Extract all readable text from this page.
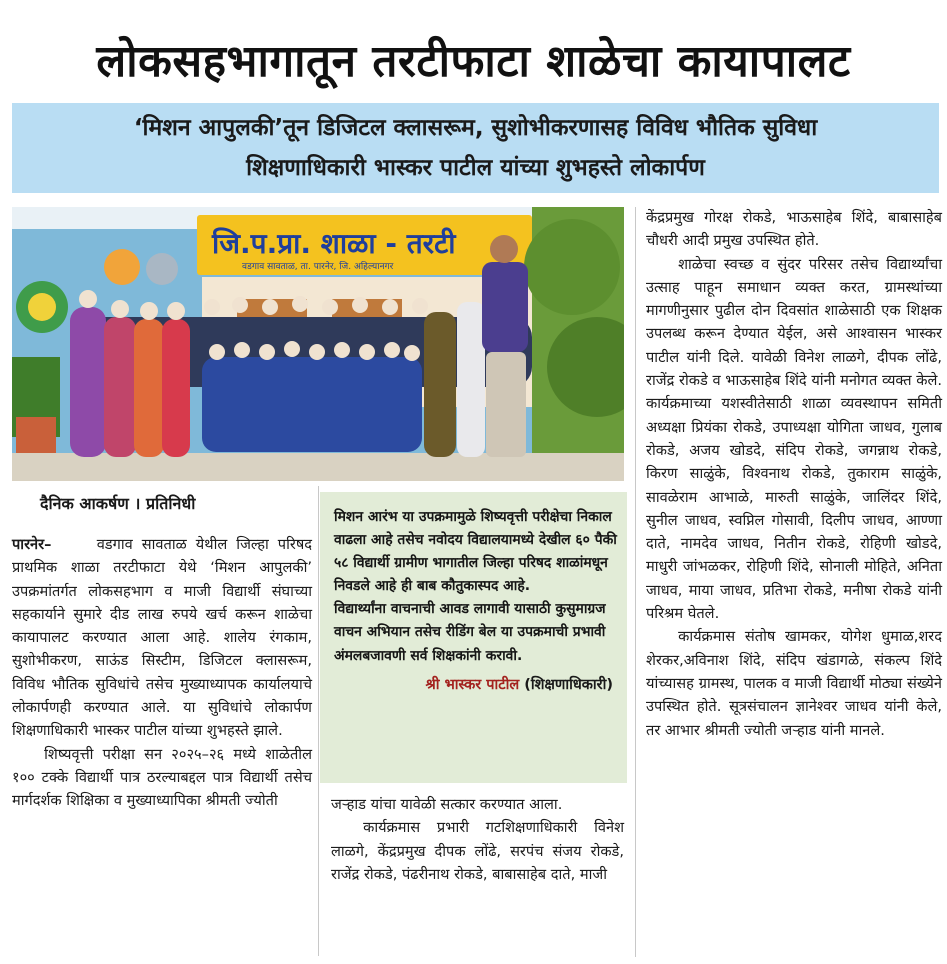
लोकसहभागातून तरटीफाटा शाळेचा कायापालट
‘मिशन आपुलकी’तून डिजिटल क्लासरूम, सुशोभीकरणासह विविध भौतिक सुविधा
शिक्षणाधिकारी भास्कर पाटील यांच्या शुभहस्ते लोकार्पण
जि.प.प्रा. शाळा - तरटी
वडगाव सावताळ, ता. पारनेर, जि. अहिल्यानगर
दैनिक आकर्षण । प्रतिनिधी

पारनेर–	वडगाव सावताळ येथील जिल्हा परिषद प्राथमिक शाळा तरटीफाटा येथे ‘मिशन आपुलकी’ उपक्रमांतर्गत लोकसहभाग व माजी विद्यार्थी संघाच्या सहकार्याने सुमारे दीड लाख रुपये खर्च करून शाळेचा कायापालट करण्यात आला आहे. शालेय रंगकाम, सुशोभीकरण, साऊंड सिस्टीम, डिजिटल क्लासरूम, विविध भौतिक सुविधांचे तसेच मुख्याध्यापक कार्यालयाचे लोकार्पणही करण्यात आले. या सुविधांचे लोकार्पण शिक्षणाधिकारी भास्कर पाटील यांच्या शुभहस्ते झाले.

शिष्यवृत्ती परीक्षा सन २०२५–२६ मध्ये शाळेतील १०० टक्के विद्यार्थी पात्र ठरल्याबद्दल पात्र विद्यार्थी तसेच मार्गदर्शक शिक्षिका व मुख्याध्यापिका श्रीमती ज्योती

मिशन आरंभ या उपक्रमामुळे शिष्यवृत्ती परीक्षेचा निकाल वाढला आहे तसेच नवोदय विद्यालयामध्ये देखील ६० पैकी ५८ विद्यार्थी ग्रामीण भागातील जिल्हा परिषद शाळांमधून निवडले आहे ही बाब कौतुकास्पद आहे.
विद्यार्थ्यांना वाचनाची आवड लागावी यासाठी कुसुमाग्रज वाचन अभियान तसेच रीडिंग बेल या उपक्रमाची प्रभावी अंमलबजावणी सर्व शिक्षकांनी करावी.
श्री भास्कर पाटील (शिक्षणाधिकारी)

जऱ्हाड यांचा यावेळी सत्कार करण्यात आला.

कार्यक्रमास प्रभारी गटशिक्षणाधिकारी विनेश लाळगे, केंद्रप्रमुख दीपक लोंढे, सरपंच संजय रोकडे, राजेंद्र रोकडे, पंढरीनाथ रोकडे, बाबासाहेब दाते, माजी

केंद्रप्रमुख गोरक्ष रोकडे, भाऊसाहेब शिंदे, बाबासाहेब चौधरी आदी प्रमुख उपस्थित होते.

शाळेचा स्वच्छ व सुंदर परिसर तसेच विद्यार्थ्यांचा उत्साह पाहून समाधान व्यक्त करत, ग्रामस्थांच्या मागणीनुसार पुढील दोन दिवसांत शाळेसाठी एक शिक्षक उपलब्ध करून देण्यात येईल, असे आश्वासन भास्कर पाटील यांनी दिले. यावेळी विनेश लाळगे, दीपक लोंढे, राजेंद्र रोकडे व भाऊसाहेब शिंदे यांनी मनोगत व्यक्त केले. कार्यक्रमाच्या यशस्वीतेसाठी शाळा व्यवस्थापन समिती अध्यक्षा प्रियंका रोकडे, उपाध्यक्षा योगिता जाधव, गुलाब रोकडे, अजय खोडदे, संदिप रोकडे, जगन्नाथ रोकडे, किरण साळुंके, विश्वनाथ रोकडे, तुकाराम साळुंके, सावळेराम आभाळे, मारुती साळुंके, जालिंदर शिंदे, सुनील जाधव, स्वप्निल गोसावी, दिलीप जाधव, आण्णा दाते, नामदेव जाधव, नितीन रोकडे, रोहिणी खोडदे, माधुरी जांभळकर, रोहिणी शिंदे, सोनाली मोहिते, अनिता जाधव, माया जाधव, प्रतिभा रोकडे, मनीषा रोकडे यांनी परिश्रम घेतले.

कार्यक्रमास संतोष खामकर, योगेश धुमाळ,शरद शेरकर,अविनाश शिंदे, संदिप खंडागळे, संकल्प शिंदे यांच्यासह ग्रामस्थ, पालक व माजी विद्यार्थी मोठ्या संख्येने उपस्थित होते. सूत्रसंचालन ज्ञानेश्वर जाधव यांनी केले, तर आभार श्रीमती ज्योती जऱ्हाड यांनी मानले.
